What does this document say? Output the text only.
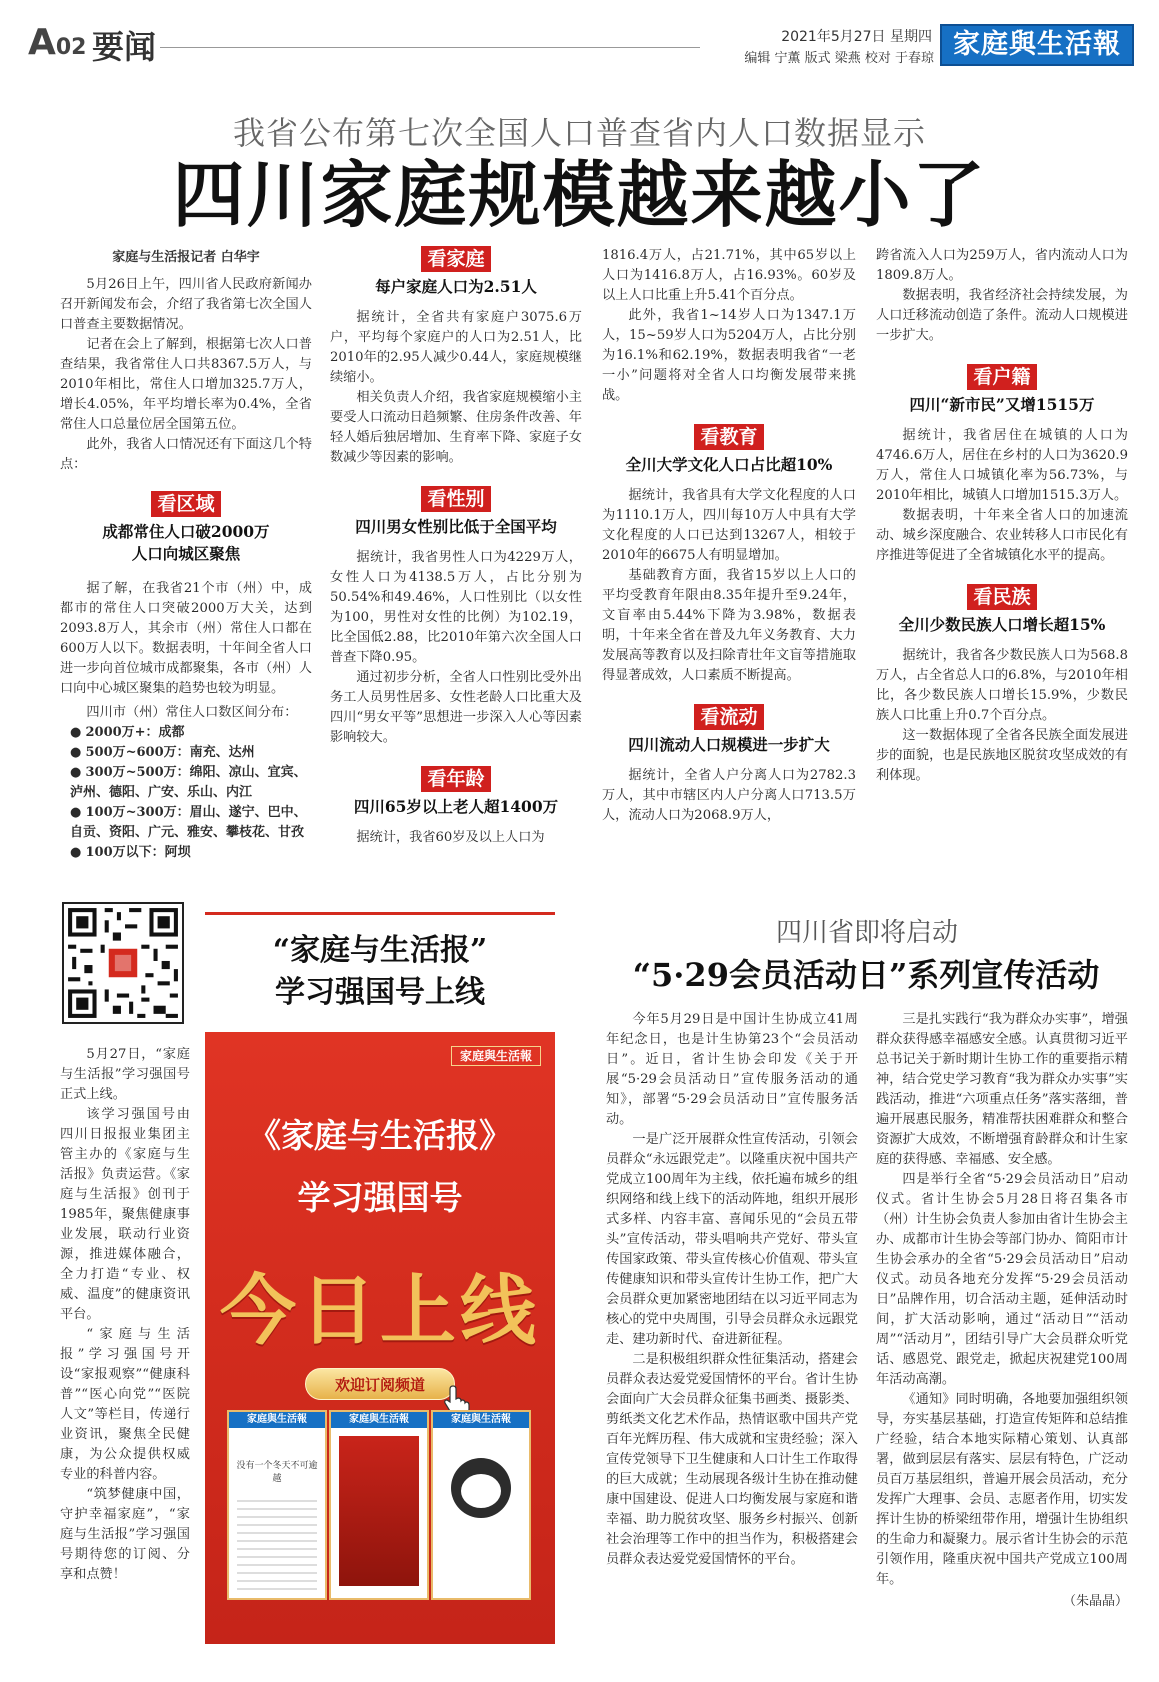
A02 要闻	2021年5月27日 星期四
编辑 宁薫 版式 梁燕 校对 于春琼 家庭與生活報
我省公布第七次全国人口普查省内人口数据显示
四川家庭规模越来越小了
家庭与生活报记者 白华宇

5月26日上午，四川省人民政府新闻办召开新闻发布会，介绍了我省第七次全国人口普查主要数据情况。

记者在会上了解到，根据第七次人口普查结果，我省常住人口共8367.5万人，与2010年相比，常住人口增加325.7万人，增长4.05%，年平均增长率为0.4%，全省常住人口总量位居全国第五位。

此外，我省人口情况还有下面这几个特点：

看区域
成都常住人口破2000万
人口向城区聚焦

据了解，在我省21个市（州）中，成都市的常住人口突破2000万大关，达到2093.8万人，其余市（州）常住人口都在600万人以下。数据表明，十年间全省人口进一步向首位城市成都聚集，各市（州）人口向中心城区聚集的趋势也较为明显。

四川市（州）常住人口数区间分布：

● 2000万+：成都

● 500万~600万：南充、达州

● 300万~500万：绵阳、凉山、宜宾、泸州、德阳、广安、乐山、内江

● 100万~300万：眉山、遂宁、巴中、自贡、资阳、广元、雅安、攀枝花、甘孜

● 100万以下：阿坝

看家庭
每户家庭人口为2.51人

据统计，全省共有家庭户3075.6万户，平均每个家庭户的人口为2.51人，比2010年的2.95人减少0.44人，家庭规模继续缩小。

相关负责人介绍，我省家庭规模缩小主要受人口流动日趋频繁、住房条件改善、年轻人婚后独居增加、生育率下降、家庭子女数减少等因素的影响。

看性别
四川男女性别比低于全国平均

据统计，我省男性人口为4229万人，女性人口为4138.5万人，占比分别为50.54%和49.46%，人口性别比（以女性为100，男性对女性的比例）为102.19，比全国低2.88，比2010年第六次全国人口普查下降0.95。

通过初步分析，全省人口性别比受外出务工人员男性居多、女性老龄人口比重大及四川“男女平等”思想进一步深入人心等因素影响较大。

看年龄
四川65岁以上老人超1400万

据统计，我省60岁及以上人口为

1816.4万人，占21.71%，其中65岁以上人口为1416.8万人，占16.93%。60岁及以上人口比重上升5.41个百分点。

此外，我省1~14岁人口为1347.1万人，15~59岁人口为5204万人，占比分别为16.1%和62.19%，数据表明我省“一老一小”问题将对全省人口均衡发展带来挑战。

看教育
全川大学文化人口占比超10%

据统计，我省具有大学文化程度的人口为1110.1万人，四川每10万人中具有大学文化程度的人口已达到13267人，相较于2010年的6675人有明显增加。

基础教育方面，我省15岁以上人口的平均受教育年限由8.35年提升至9.24年，文盲率由5.44%下降为3.98%，数据表明，十年来全省在普及九年义务教育、大力发展高等教育以及扫除青壮年文盲等措施取得显著成效，人口素质不断提高。

看流动
四川流动人口规模进一步扩大

据统计，全省人户分离人口为2782.3万人，其中市辖区内人户分离人口713.5万人，流动人口为2068.9万人，

跨省流入人口为259万人，省内流动人口为1809.8万人。

数据表明，我省经济社会持续发展，为人口迁移流动创造了条件。流动人口规模进一步扩大。

看户籍
四川“新市民”又增1515万

据统计，我省居住在城镇的人口为4746.6万人，居住在乡村的人口为3620.9万人，常住人口城镇化率为56.73%，与2010年相比，城镇人口增加1515.3万人。

数据表明，十年来全省人口的加速流动、城乡深度融合、农业转移人口市民化有序推进等促进了全省城镇化水平的提高。

看民族
全川少数民族人口增长超15%

据统计，我省各少数民族人口为568.8万人，占全省总人口的6.8%，与2010年相比，各少数民族人口增长15.9%，少数民族人口比重上升0.7个百分点。

这一数据体现了全省各民族全面发展进步的面貌，也是民族地区脱贫攻坚成效的有利体现。

“家庭与生活报”
学习强国号上线

5月27日，“家庭与生活报”学习强国号正式上线。

该学习强国号由四川日报报业集团主管主办的《家庭与生活报》负责运营。《家庭与生活报》创刊于1985年，聚焦健康事业发展，联动行业资源，推进媒体融合，全力打造“专业、权威、温度”的健康资讯平台。

“家庭与生活报”学习强国号开设“家报观察”“健康科普”“医心向党”“医院人文”等栏目，传递行业资讯，聚焦全民健康，为公众提供权威专业的科普内容。

“筑梦健康中国，守护幸福家庭”，“家庭与生活报”学习强国号期待您的订阅、分享和点赞！

家庭與生活報
《家庭与生活报》
学习强国号
今日上线
欢迎订阅频道
家庭與生活報
没有一个冬天不可逾越
家庭與生活報	家庭與生活報
四川省即将启动
“5·29会员活动日”系列宣传活动

今年5月29日是中国计生协成立41周年纪念日，也是计生协第23个“会员活动日”。近日，省计生协会印发《关于开展“5·29会员活动日”宣传服务活动的通知》，部署“5·29会员活动日”宣传服务活动。

一是广泛开展群众性宣传活动，引领会员群众“永远跟党走”。以隆重庆祝中国共产党成立100周年为主线，依托遍布城乡的组织网络和线上线下的活动阵地，组织开展形式多样、内容丰富、喜闻乐见的“会员五带头”宣传活动，带头唱响共产党好、带头宣传国家政策、带头宣传核心价值观、带头宣传健康知识和带头宣传计生协工作，把广大会员群众更加紧密地团结在以习近平同志为核心的党中央周围，引导会员群众永远跟党走、建功新时代、奋进新征程。

二是积极组织群众性征集活动，搭建会员群众表达爱党爱国情怀的平台。省计生协会面向广大会员群众征集书画类、摄影类、剪纸类文化艺术作品，热情讴歌中国共产党百年光辉历程、伟大成就和宝贵经验；深入宣传党领导下卫生健康和人口计生工作取得的巨大成就；生动展现各级计生协在推动健康中国建设、促进人口均衡发展与家庭和谐幸福、助力脱贫攻坚、服务乡村振兴、创新社会治理等工作中的担当作为，积极搭建会员群众表达爱党爱国情怀的平台。

三是扎实践行“我为群众办实事”，增强群众获得感幸福感安全感。认真贯彻习近平总书记关于新时期计生协工作的重要指示精神，结合党史学习教育“我为群众办实事”实践活动，推进“六项重点任务”落实落细，普遍开展惠民服务，精准帮扶困难群众和整合资源扩大成效，不断增强育龄群众和计生家庭的获得感、幸福感、安全感。

四是举行全省“5·29会员活动日”启动仪式。省计生协会5月28日将召集各市（州）计生协会负责人参加由省计生协会主办、成都市计生协会等部门协办、简阳市计生协会承办的全省“5·29会员活动日”启动仪式。动员各地充分发挥“5·29会员活动日”品牌作用，切合活动主题，延伸活动时间，扩大活动影响，通过“活动日”“活动周”“活动月”，团结引导广大会员群众听党话、感恩党、跟党走，掀起庆祝建党100周年活动高潮。

《通知》同时明确，各地要加强组织领导，夯实基层基础，打造宣传矩阵和总结推广经验，结合本地实际精心策划、认真部署，做到层层有落实、层层有特色，广泛动员百万基层组织，普遍开展会员活动，充分发挥广大理事、会员、志愿者作用，切实发挥计生协的桥梁纽带作用，增强计生协组织的生命力和凝聚力。展示省计生协会的示范引领作用，隆重庆祝中国共产党成立100周年。

（朱晶晶）
